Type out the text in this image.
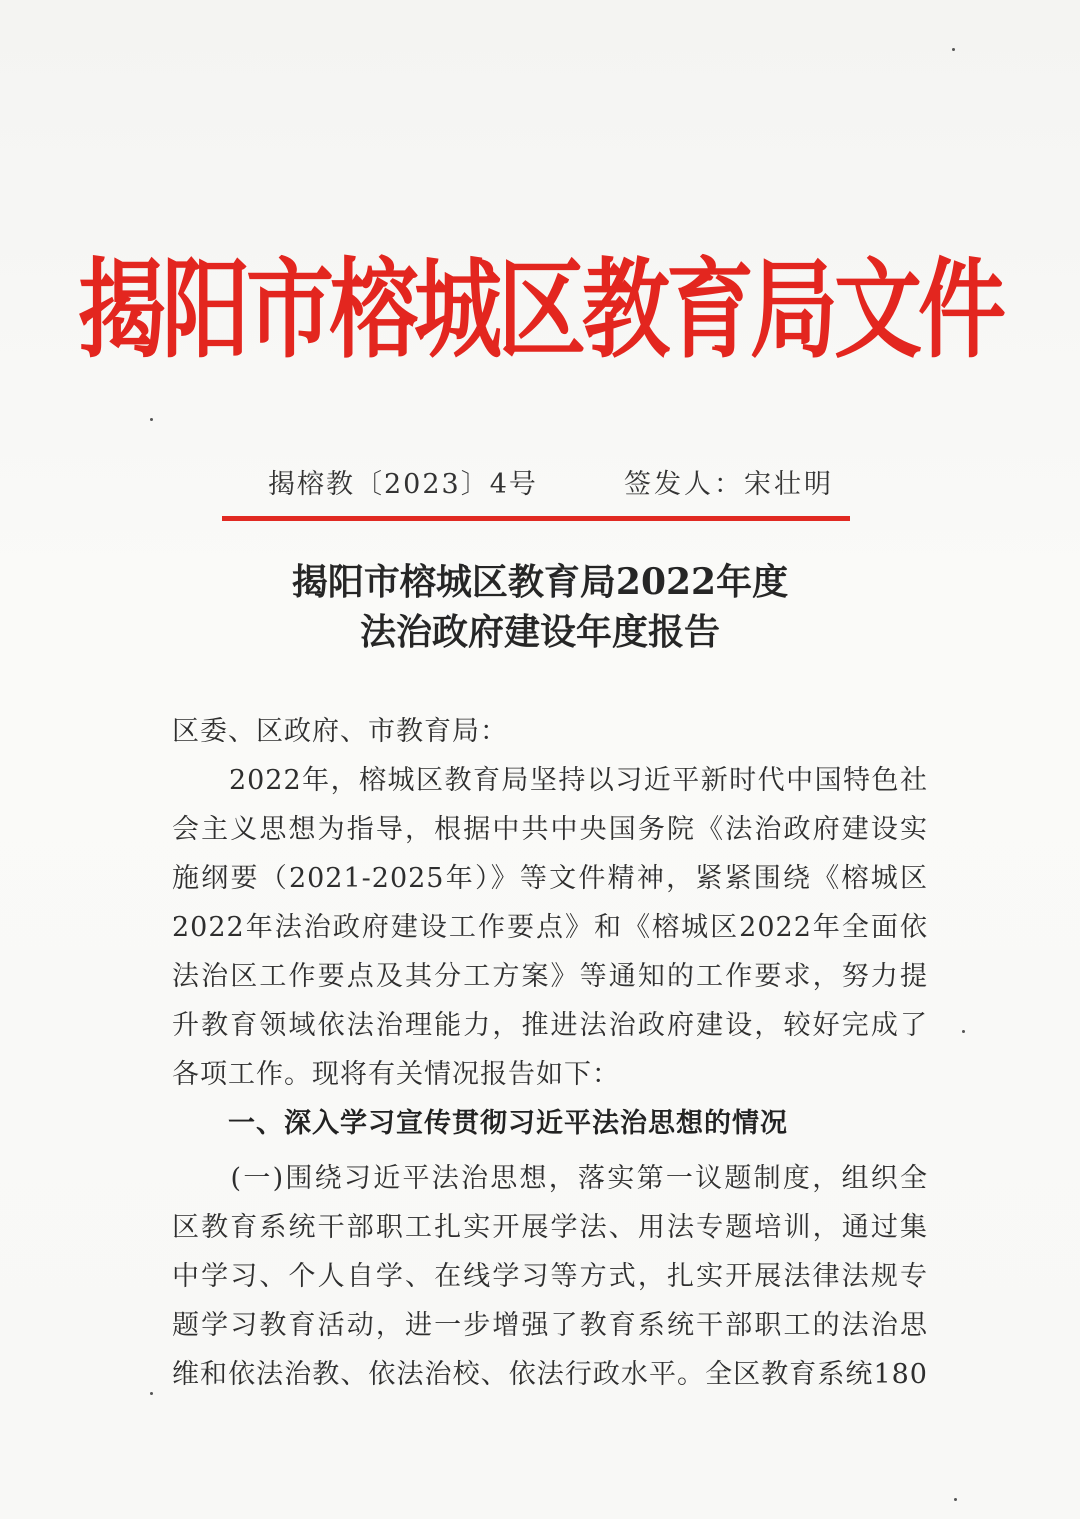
揭阳市榕城区教育局文件
揭榕教〔2023〕4号	签发人：宋壮明
揭阳市榕城区教育局2022年度
法治政府建设年度报告
区委、区政府、市教育局：
　　2022年，榕城区教育局坚持以习近平新时代中国特色社
会主义思想为指导，根据中共中央国务院《法治政府建设实
施纲要（2021-2025年）》等文件精神，紧紧围绕《榕城区
2022年法治政府建设工作要点》和《榕城区2022年全面依
法治区工作要点及其分工方案》等通知的工作要求，努力提
升教育领域依法治理能力，推进法治政府建设，较好完成了
各项工作。现将有关情况报告如下：
　　一、深入学习宣传贯彻习近平法治思想的情况
　　(一)围绕习近平法治思想，落实第一议题制度，组织全
区教育系统干部职工扎实开展学法、用法专题培训，通过集
中学习、个人自学、在线学习等方式，扎实开展法律法规专
题学习教育活动，进一步增强了教育系统干部职工的法治思
维和依法治教、依法治校、依法行政水平。全区教育系统180
